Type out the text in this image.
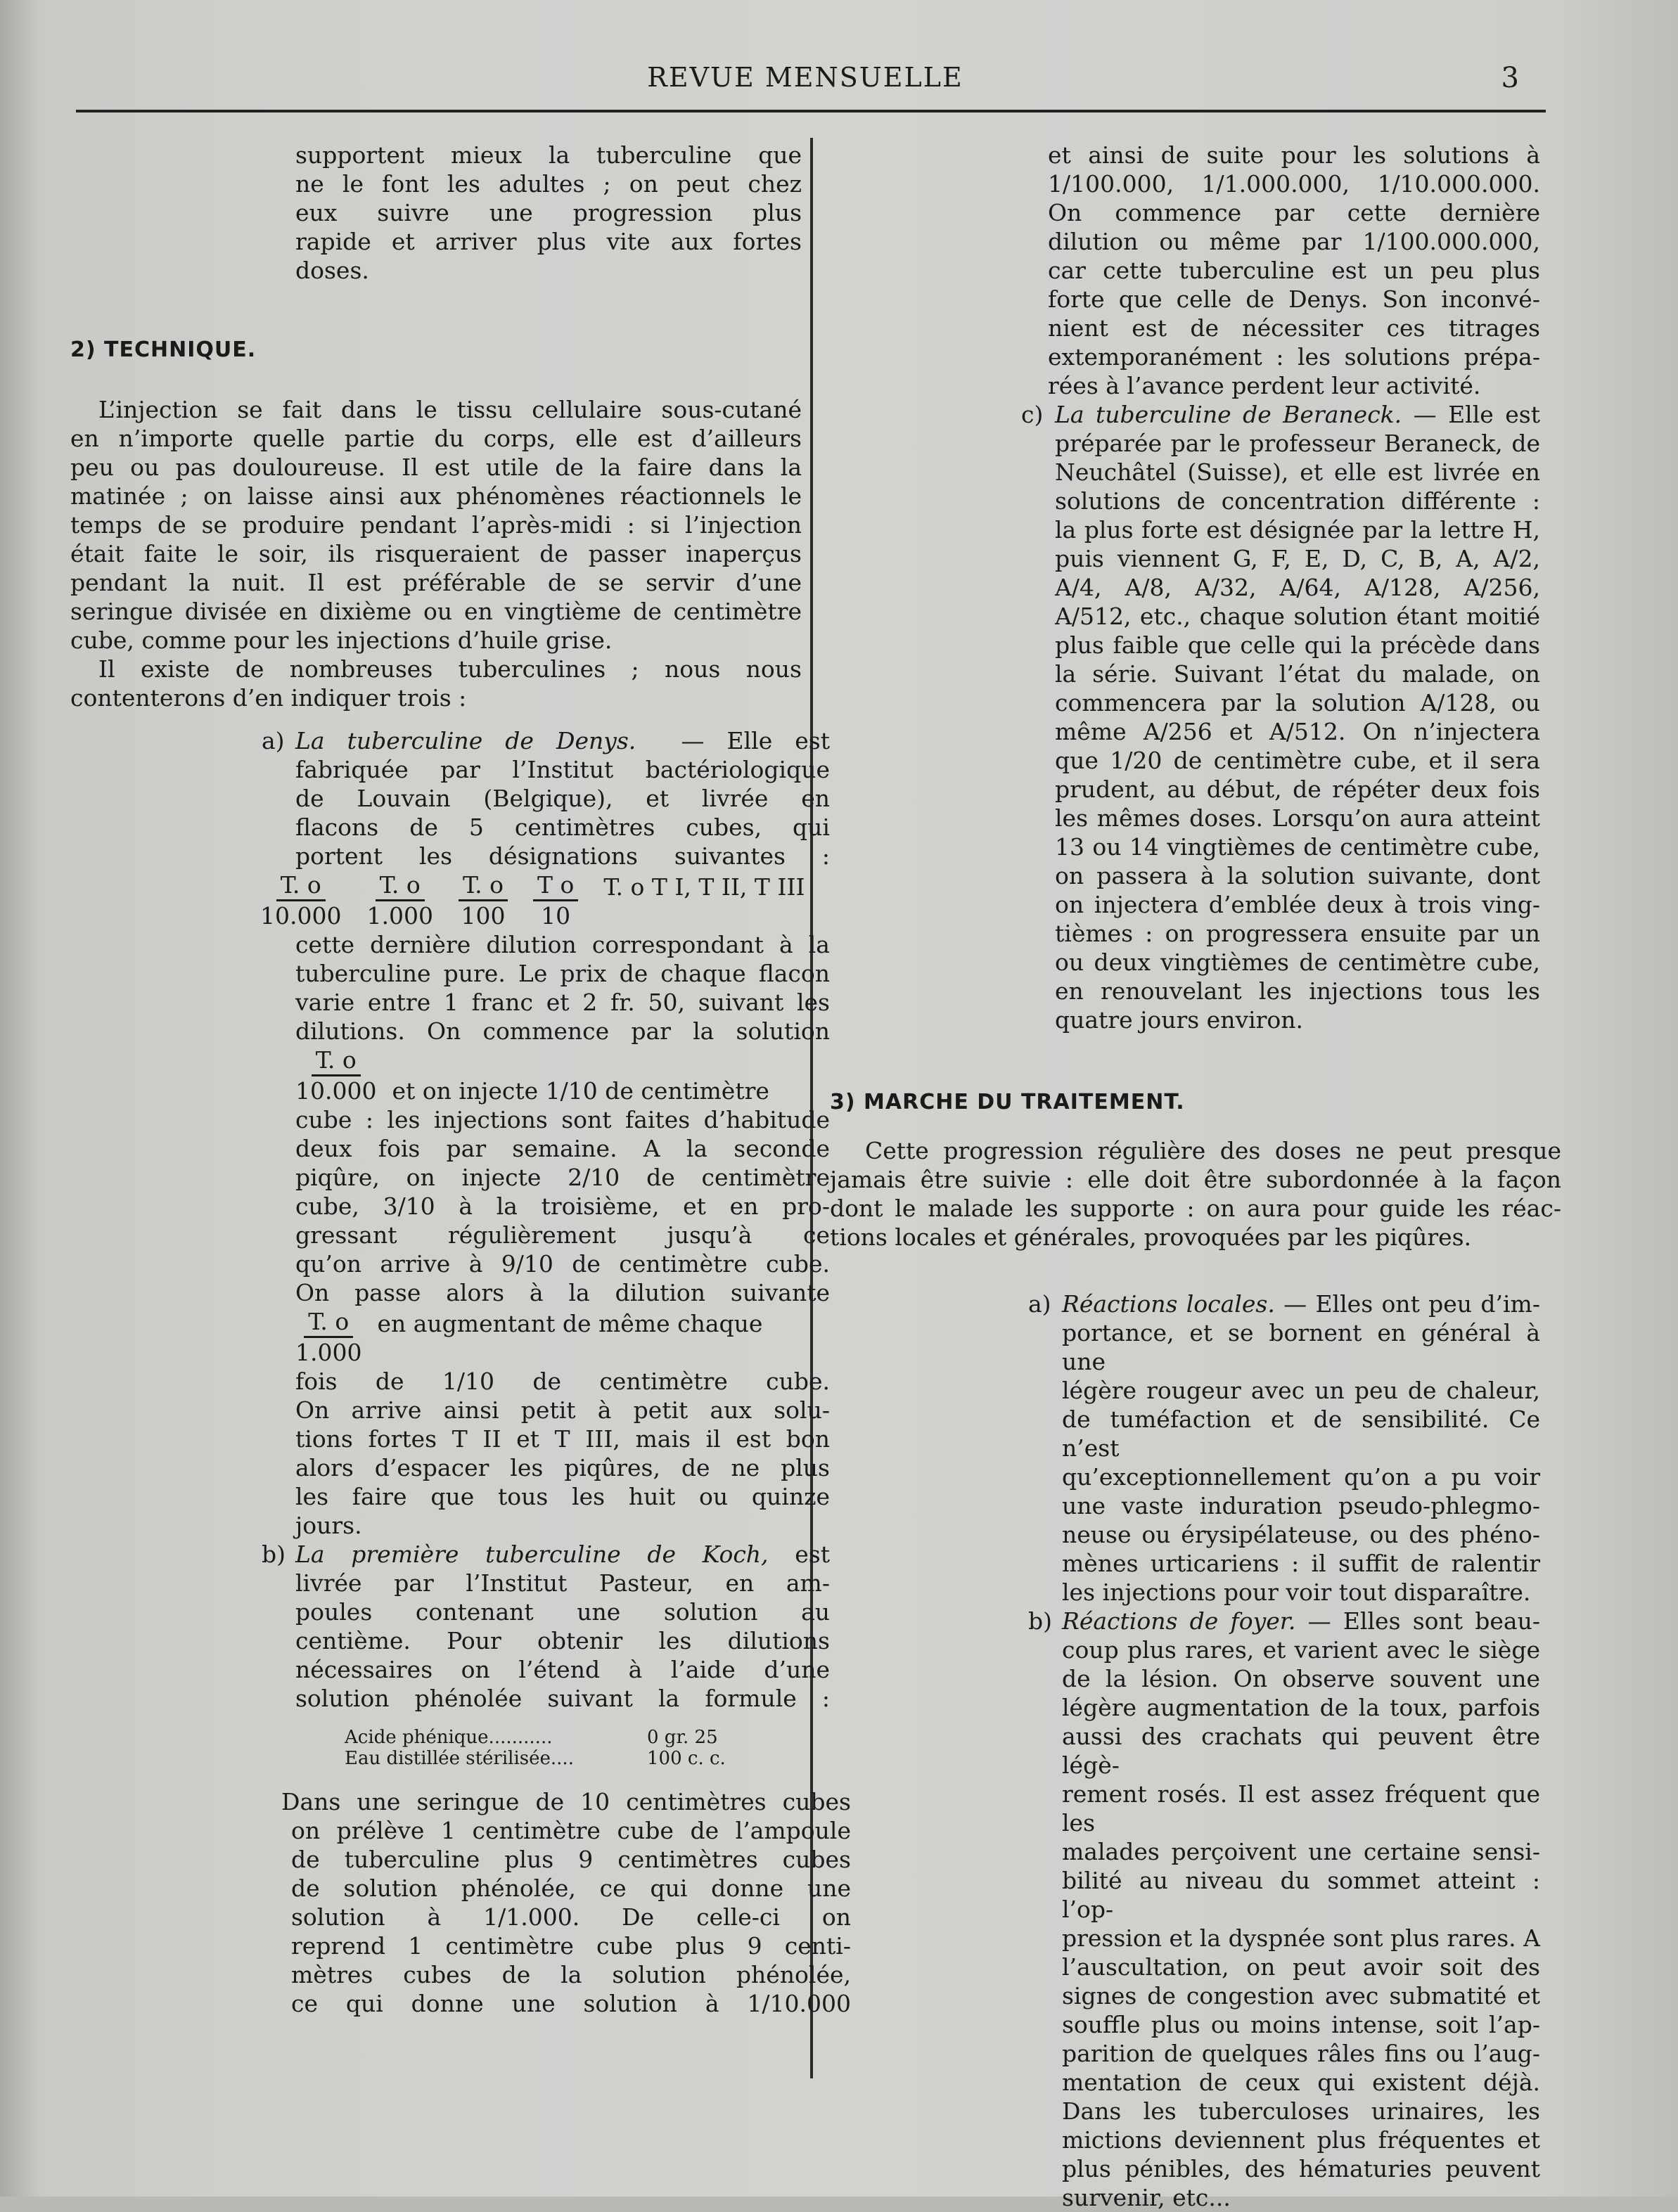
REVUE MENSUELLE	3

supportent mieux la tuberculine que

ne le font les adultes ; on peut chez

eux suivre une progression plus

rapide et arriver plus vite aux fortes

doses.

2) TECHNIQUE.

L’injection se fait dans le tissu cellulaire sous-cutané

en n’importe quelle partie du corps, elle est d’ailleurs

peu ou pas douloureuse. Il est utile de la faire dans la

matinée ; on laisse ainsi aux phénomènes réactionnels le

temps de se produire pendant l’après-midi : si l’injection

était faite le soir, ils risqueraient de passer inaperçus

pendant la nuit. Il est préférable de se servir d’une

seringue divisée en dixième ou en vingtième de centimètre

cube, comme pour les injections d’huile grise.

Il existe de nombreuses tuberculines ; nous nous

contenterons d’en indiquer trois :

a) La tuberculine de Denys. — Elle est

fabriquée par l’Institut bactériologique

de Louvain (Belgique), et livrée en

flacons de 5 centimètres cubes, qui

portent les désignations suivantes :

$\frac{T. o}{10.000} \frac{T. o}{1.000} \frac{T. o}{100} \frac{\text{T o}}{10} T$. o T I, T II, T III

cette dernière dilution correspondant à la

tuberculine pure. Le prix de chaque flacon

varie entre 1 franc et 2 fr. 50, suivant les

dilutions. On commence par la solution

$\frac{T. o}{10.000}$ et on injecte 1/10 de centimètre

cube : les injections sont faites d’habitude

deux fois par semaine. A la seconde

piqûre, on injecte 2/10 de centimètre

cube, 3/10 à la troisième, et en pro-

gressant régulièrement jusqu’à ce

qu’on arrive à 9/10 de centimètre cube.

On passe alors à la dilution suivante

$\frac{T. o}{1.000}$ en augmentant de même chaque

fois de 1/10 de centimètre cube.

On arrive ainsi petit à petit aux solu-

tions fortes T II et T III, mais il est bon

alors d’espacer les piqûres, de ne plus

les faire que tous les huit ou quinze

jours.

b) La première tuberculine de Koch, est

livrée par l’Institut Pasteur, en am-

poules contenant une solution au

centième. Pour obtenir les dilutions

nécessaires on l’étend à l’aide d’une

solution phénolée suivant la formule :

Acide phénique...........	0 gr. 25
Eau distillée stérilisée....	100 c. c.

Dans une seringue de 10 centimètres cubes

on prélève 1 centimètre cube de l’ampoule

de tuberculine plus 9 centimètres cubes

de solution phénolée, ce qui donne une

solution à 1/1.000. De celle-ci on

reprend 1 centimètre cube plus 9 centi-

mètres cubes de la solution phénolée,

ce qui donne une solution à 1/10.000

et ainsi de suite pour les solutions à

1/100.000, 1/1.000.000, 1/10.000.000.

On commence par cette dernière

dilution ou même par 1/100.000.000,

car cette tuberculine est un peu plus

forte que celle de Denys. Son inconvé-

nient est de nécessiter ces titrages

extemporanément : les solutions prépa-

rées à l’avance perdent leur activité.

c) La tuberculine de Beraneck. — Elle est

préparée par le professeur Beraneck, de

Neuchâtel (Suisse), et elle est livrée en

solutions de concentration différente :

la plus forte est désignée par la lettre H,

puis viennent G, F, E, D, C, B, A, A/2,

A/4, A/8, A/32, A/64, A/128, A/256,

A/512, etc., chaque solution étant moitié

plus faible que celle qui la précède dans

la série. Suivant l’état du malade, on

commencera par la solution A/128, ou

même A/256 et A/512. On n’injectera

que 1/20 de centimètre cube, et il sera

prudent, au début, de répéter deux fois

les mêmes doses. Lorsqu’on aura atteint

13 ou 14 vingtièmes de centimètre cube,

on passera à la solution suivante, dont

on injectera d’emblée deux à trois ving-

tièmes : on progressera ensuite par un

ou deux vingtièmes de centimètre cube,

en renouvelant les injections tous les

quatre jours environ.

3) MARCHE DU TRAITEMENT.

Cette progression régulière des doses ne peut presque

jamais être suivie : elle doit être subordonnée à la façon

dont le malade les supporte : on aura pour guide les réac-

tions locales et générales, provoquées par les piqûres.

a) Réactions locales. — Elles ont peu d’im-

portance, et se bornent en général à une

légère rougeur avec un peu de chaleur,

de tuméfaction et de sensibilité. Ce n’est

qu’exceptionnellement qu’on a pu voir

une vaste induration pseudo-phlegmo-

neuse ou érysipélateuse, ou des phéno-

mènes urticariens : il suffit de ralentir

les injections pour voir tout disparaître.

b) Réactions de foyer. — Elles sont beau-

coup plus rares, et varient avec le siège

de la lésion. On observe souvent une

légère augmentation de la toux, parfois

aussi des crachats qui peuvent être légè-

rement rosés. Il est assez fréquent que les

malades perçoivent une certaine sensi-

bilité au niveau du sommet atteint : l’op-

pression et la dyspnée sont plus rares. A

l’auscultation, on peut avoir soit des

signes de congestion avec submatité et

souffle plus ou moins intense, soit l’ap-

parition de quelques râles fins ou l’aug-

mentation de ceux qui existent déjà.

Dans les tuberculoses urinaires, les

mictions deviennent plus fréquentes et

plus pénibles, des hématuries peuvent

survenir, etc...
